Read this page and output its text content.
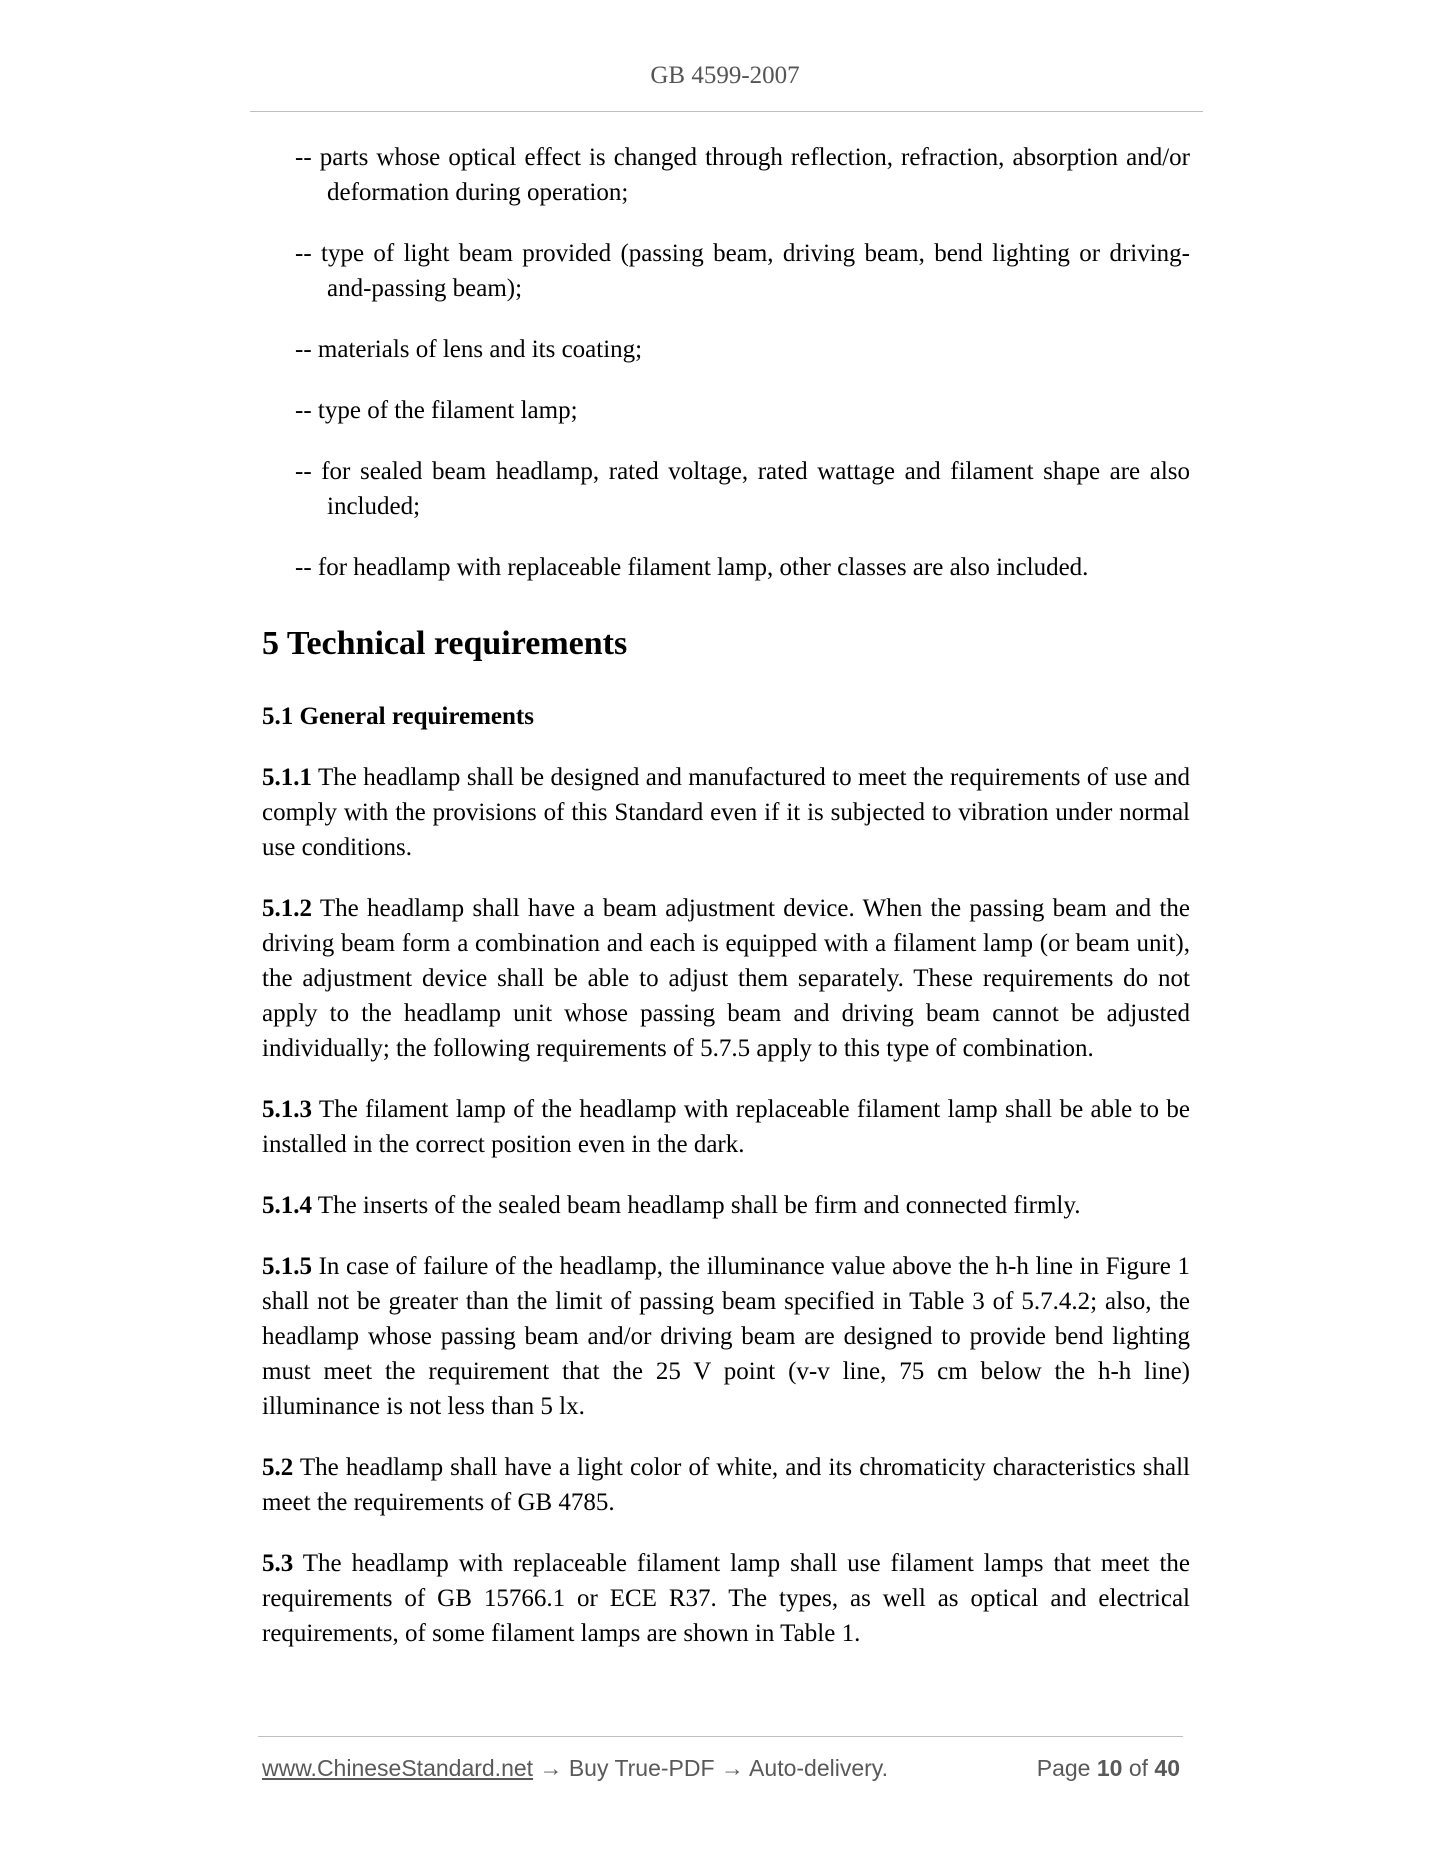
GB 4599-2007
-- parts whose optical effect is changed through reflection, refraction, absorption and/or deformation during operation;
-- type of light beam provided (passing beam, driving beam, bend lighting or driving-and-passing beam);
-- materials of lens and its coating;
-- type of the filament lamp;
-- for sealed beam headlamp, rated voltage, rated wattage and filament shape are also included;
-- for headlamp with replaceable filament lamp, other classes are also included.
5 Technical requirements
5.1 General requirements
5.1.1 The headlamp shall be designed and manufactured to meet the requirements of use and comply with the provisions of this Standard even if it is subjected to vibration under normal use conditions.
5.1.2 The headlamp shall have a beam adjustment device. When the passing beam and the driving beam form a combination and each is equipped with a filament lamp (or beam unit), the adjustment device shall be able to adjust them separately. These requirements do not apply to the headlamp unit whose passing beam and driving beam cannot be adjusted individually; the following requirements of 5.7.5 apply to this type of combination.
5.1.3 The filament lamp of the headlamp with replaceable filament lamp shall be able to be installed in the correct position even in the dark.
5.1.4 The inserts of the sealed beam headlamp shall be firm and connected firmly.
5.1.5 In case of failure of the headlamp, the illuminance value above the h-h line in Figure 1 shall not be greater than the limit of passing beam specified in Table 3 of 5.7.4.2; also, the headlamp whose passing beam and/or driving beam are designed to provide bend lighting must meet the requirement that the 25 V point (v-v line, 75 cm below the h-h line) illuminance is not less than 5 lx.
5.2 The headlamp shall have a light color of white, and its chromaticity characteristics shall meet the requirements of GB 4785.
5.3 The headlamp with replaceable filament lamp shall use filament lamps that meet the requirements of GB 15766.1 or ECE R37. The types, as well as optical and electrical requirements, of some filament lamps are shown in Table 1.
www.ChineseStandard.net → Buy True-PDF → Auto-delivery.	Page 10 of 40
